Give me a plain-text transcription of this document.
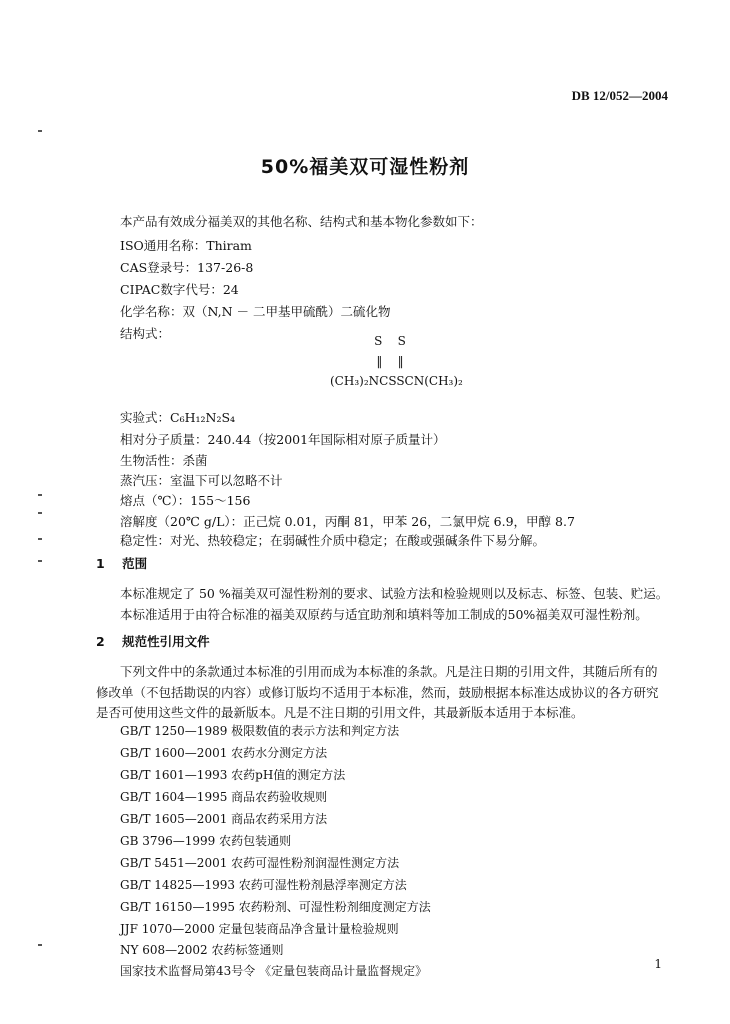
DB 12/052—2004
50%福美双可湿性粉剂
本产品有效成分福美双的其他名称、结构式和基本物化参数如下：
ISO通用名称：Thiram
CAS登录号：137-26-8
CIPAC数字代号：24
化学名称：双（N,N － 二甲基甲硫酰）二硫化物
结构式：	S    S
‖    ‖
(CH₃)₂NCSSCN(CH₃)₂
实验式：C₆H₁₂N₂S₄
相对分子质量：240.44（按2001年国际相对原子质量计）
生物活性：杀菌
蒸汽压：室温下可以忽略不计
熔点（℃）：155～156
溶解度（20℃ g/L）：正己烷 0.01，丙酮 81，甲苯 26，二氯甲烷 6.9，甲醇 8.7
稳定性：对光、热较稳定；在弱碱性介质中稳定；在酸或强碱条件下易分解。
1    范围
本标准规定了 50 %福美双可湿性粉剂的要求、试验方法和检验规则以及标志、标签、包装、贮运。
本标准适用于由符合标准的福美双原药与适宜助剂和填料等加工制成的50%福美双可湿性粉剂。
2    规范性引用文件
下列文件中的条款通过本标准的引用而成为本标准的条款。凡是注日期的引用文件，其随后所有的
修改单（不包括勘误的内容）或修订版均不适用于本标准，然而，鼓励根据本标准达成协议的各方研究
是否可使用这些文件的最新版本。凡是不注日期的引用文件，其最新版本适用于本标准。
GB/T 1250—1989 极限数值的表示方法和判定方法
GB/T 1600—2001 农药水分测定方法
GB/T 1601—1993 农药pH值的测定方法
GB/T 1604—1995 商品农药验收规则
GB/T 1605—2001 商品农药采用方法
GB 3796—1999 农药包装通则
GB/T 5451—2001 农药可湿性粉剂润湿性测定方法
GB/T 14825—1993 农药可湿性粉剂悬浮率测定方法
GB/T 16150—1995 农药粉剂、可湿性粉剂细度测定方法
JJF 1070—2000 定量包装商品净含量计量检验规则
NY 608—2002 农药标签通则
国家技术监督局第43号令 《定量包装商品计量监督规定》	1
